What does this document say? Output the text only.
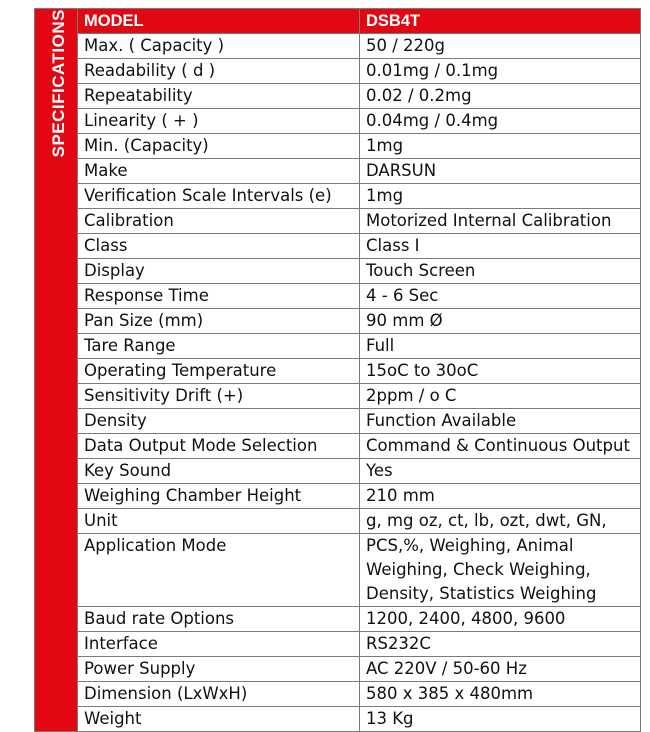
SPECIFICATIONS	MODEL	DSB4T
	Max. ( Capacity )	50 / 220g
	Readability ( d )	0.01mg / 0.1mg
	Repeatability	0.02 / 0.2mg
	Linearity ( + )	0.04mg / 0.4mg
	Min. (Capacity)	1mg
	Make	DARSUN
	Verification Scale Intervals (e)	1mg
	Calibration	Motorized Internal Calibration
	Class	Class I
	Display	Touch Screen
	Response Time	4 - 6 Sec
	Pan Size (mm)	90 mm Ø
	Tare Range	Full
	Operating Temperature	15oC to 30oC
	Sensitivity Drift (+)	2ppm / o C
	Density	Function Available
	Data Output Mode Selection	Command & Continuous Output
	Key Sound	Yes
	Weighing Chamber Height	210 mm
	Unit	g, mg oz, ct, lb, ozt, dwt, GN,
	Application Mode	PCS,%, Weighing, Animal
Weighing, Check Weighing,
Density, Statistics Weighing

	Baud rate Options	1200, 2400, 4800, 9600
	Interface	RS232C
	Power Supply	AC 220V / 50-60 Hz
	Dimension (LxWxH)	580 x 385 x 480mm
	Weight	13 Kg
